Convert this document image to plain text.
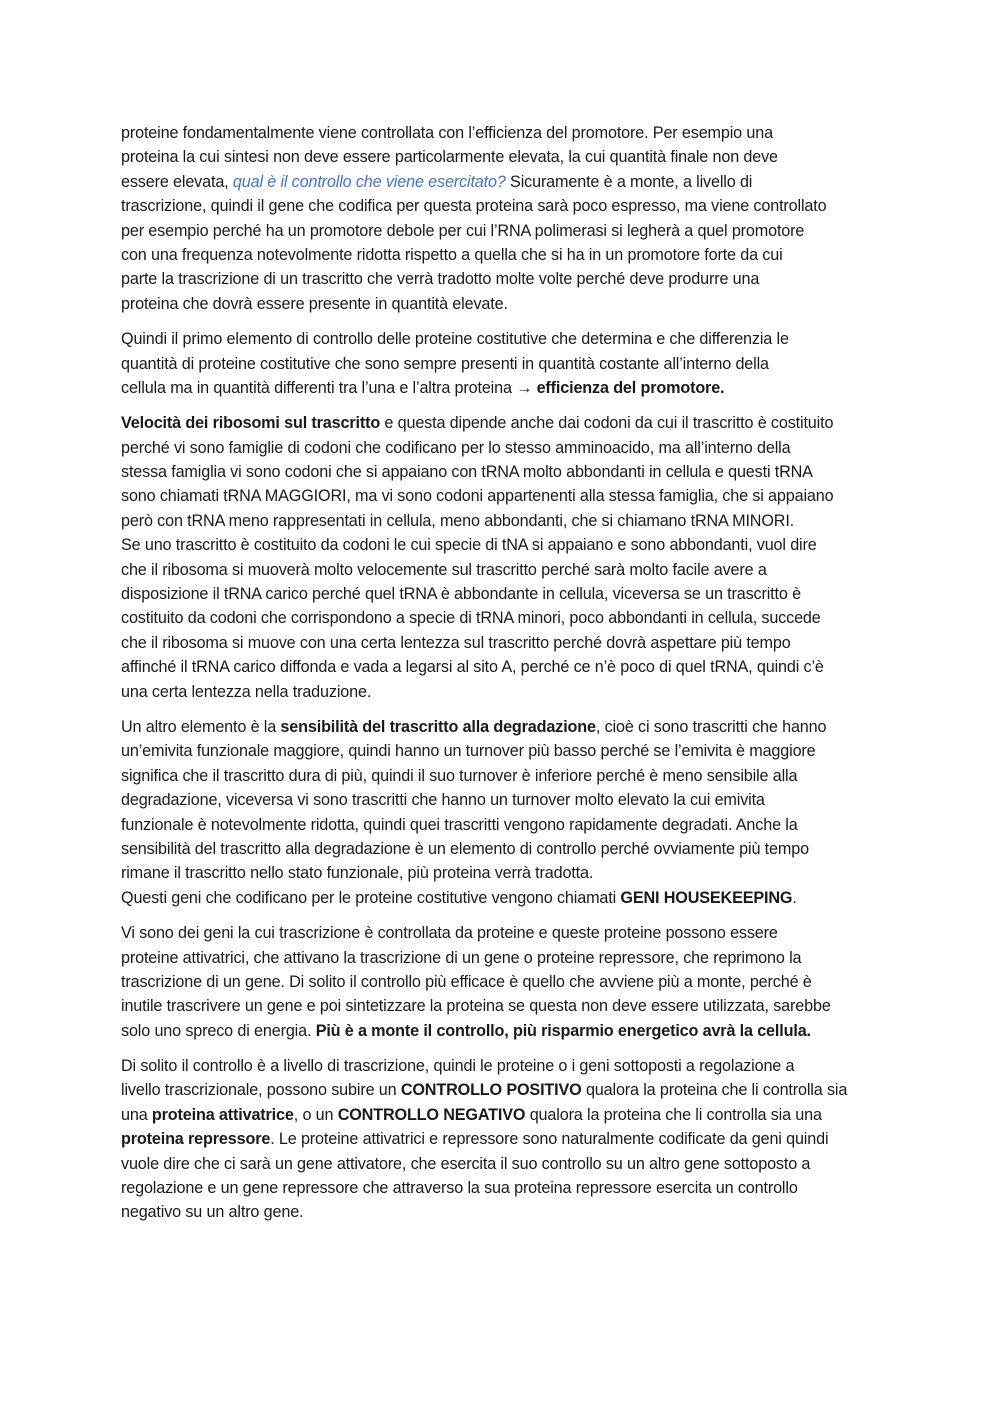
proteine fondamentalmente viene controllata con l’efficienza del promotore. Per esempio una
proteina la cui sintesi non deve essere particolarmente elevata, la cui quantità finale non deve
essere elevata, qual è il controllo che viene esercitato? Sicuramente è a monte, a livello di
trascrizione, quindi il gene che codifica per questa proteina sarà poco espresso, ma viene controllato
per esempio perché ha un promotore debole per cui l’RNA polimerasi si legherà a quel promotore
con una frequenza notevolmente ridotta rispetto a quella che si ha in un promotore forte da cui
parte la trascrizione di un trascritto che verrà tradotto molte volte perché deve produrre una
proteina che dovrà essere presente in quantità elevate.
Quindi il primo elemento di controllo delle proteine costitutive che determina e che differenzia le
quantità di proteine costitutive che sono sempre presenti in quantità costante all’interno della
cellula ma in quantità differenti tra l’una e l’altra proteina → efficienza del promotore.
Velocità dei ribosomi sul trascritto e questa dipende anche dai codoni da cui il trascritto è costituito
perché vi sono famiglie di codoni che codificano per lo stesso amminoacido, ma all’interno della
stessa famiglia vi sono codoni che si appaiano con tRNA molto abbondanti in cellula e questi tRNA
sono chiamati tRNA MAGGIORI, ma vi sono codoni appartenenti alla stessa famiglia, che si appaiano
però con tRNA meno rappresentati in cellula, meno abbondanti, che si chiamano tRNA MINORI.
Se uno trascritto è costituito da codoni le cui specie di tNA si appaiano e sono abbondanti, vuol dire
che il ribosoma si muoverà molto velocemente sul trascritto perché sarà molto facile avere a
disposizione il tRNA carico perché quel tRNA è abbondante in cellula, viceversa se un trascritto è
costituito da codoni che corrispondono a specie di tRNA minori, poco abbondanti in cellula, succede
che il ribosoma si muove con una certa lentezza sul trascritto perché dovrà aspettare più tempo
affinché il tRNA carico diffonda e vada a legarsi al sito A, perché ce n’è poco di quel tRNA, quindi c’è
una certa lentezza nella traduzione.
Un altro elemento è la sensibilità del trascritto alla degradazione, cioè ci sono trascritti che hanno
un’emivita funzionale maggiore, quindi hanno un turnover più basso perché se l’emivita è maggiore
significa che il trascritto dura di più, quindi il suo turnover è inferiore perché è meno sensibile alla
degradazione, viceversa vi sono trascritti che hanno un turnover molto elevato la cui emivita
funzionale è notevolmente ridotta, quindi quei trascritti vengono rapidamente degradati. Anche la
sensibilità del trascritto alla degradazione è un elemento di controllo perché ovviamente più tempo
rimane il trascritto nello stato funzionale, più proteina verrà tradotta.
Questi geni che codificano per le proteine costitutive vengono chiamati GENI HOUSEKEEPING.
Vi sono dei geni la cui trascrizione è controllata da proteine e queste proteine possono essere
proteine attivatrici, che attivano la trascrizione di un gene o proteine repressore, che reprimono la
trascrizione di un gene. Di solito il controllo più efficace è quello che avviene più a monte, perché è
inutile trascrivere un gene e poi sintetizzare la proteina se questa non deve essere utilizzata, sarebbe
solo uno spreco di energia. Più è a monte il controllo, più risparmio energetico avrà la cellula.
Di solito il controllo è a livello di trascrizione, quindi le proteine o i geni sottoposti a regolazione a
livello trascrizionale, possono subire un CONTROLLO POSITIVO qualora la proteina che li controlla sia
una proteina attivatrice, o un CONTROLLO NEGATIVO qualora la proteina che li controlla sia una
proteina repressore. Le proteine attivatrici e repressore sono naturalmente codificate da geni quindi
vuole dire che ci sarà un gene attivatore, che esercita il suo controllo su un altro gene sottoposto a
regolazione e un gene repressore che attraverso la sua proteina repressore esercita un controllo
negativo su un altro gene.
